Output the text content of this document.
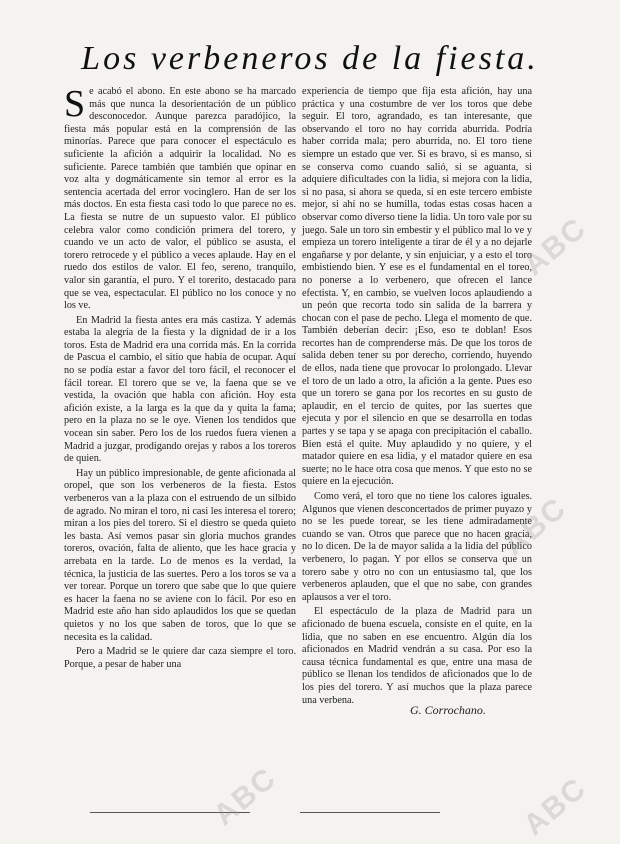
Los verbeneros de la fiesta.

Se acabó el abono. En este abono se ha marcado más que nunca la desorientación de un público desconocedor. Aunque parezca paradójico, la fiesta más popular está en la comprensión de las minorías. Parece que para conocer el espectáculo es suficiente la afición a adquirir la localidad. No es suficiente. Parece también que también que opinar en voz alta y dogmáticamente sin temor al error es la sentencia acertada del error vocinglero. Han de ser los más doctos. En esta fiesta casi todo lo que parece no es. La fiesta se nutre de un supuesto valor. El público celebra valor como condición primera del torero, y cuando ve un acto de valor, el público se asusta, el torero retrocede y el público a veces aplaude. Hay en el ruedo dos estilos de valor. El feo, sereno, tranquilo, valor sin garantía, el puro. Y el torerito, destacado para que se vea, espectacular. El público no los conoce y no los ve.

En Madrid la fiesta antes era más castiza. Y además estaba la alegría de la fiesta y la dignidad de ir a los toros. Esta de Madrid era una corrida más. En la corrida de Pascua el cambio, el sitio que había de ocupar. Aquí no se podía estar a favor del toro fácil, el reconocer el fácil torear. El torero que se ve, la faena que se ve vestida, la ovación que habla con afición. Hoy esta afición existe, a la larga es la que da y quita la fama; pero en la plaza no se le oye. Vienen los tendidos que vocean sin saber. Pero los de los ruedos fuera vienen a Madrid a juzgar, prodigando orejas y rabos a los toreros de quien.

Hay un público impresionable, de gente aficionada al oropel, que son los verbeneros de la fiesta. Estos verbeneros van a la plaza con el estruendo de un silbido de agrado. No miran el toro, ni casi les interesa el torero; miran a los pies del torero. Si el diestro se queda quieto les basta. Así vemos pasar sin gloria muchos grandes toreros, ovación, falta de aliento, que les hace gracia y arrebata en la tarde. Lo de menos es la verdad, la técnica, la justicia de las suertes. Pero a los toros se va a ver torear. Porque un torero que sabe que lo que quiere es hacer la faena no se aviene con lo fácil. Por eso en Madrid este año han sido aplaudidos los que se quedan quietos y no los que saben de toros, que lo que se necesita es la calidad.

Pero a Madrid se le quiere dar caza siempre el toro. Porque, a pesar de haber una

experiencia de tiempo que fija esta afición, hay una práctica y una costumbre de ver los toros que debe seguir. El toro, agrandado, es tan interesante, que observando el toro no hay corrida aburrida. Podría haber corrida mala; pero aburrida, no. El toro tiene siempre un estado que ver. Si es bravo, si es manso, si se conserva como cuando salió, si se aguanta, si adquiere dificultades con la lidia, si mejora con la lidia, si no pasa, si ahora se queda, si en este tercero embiste mejor, si ahí no se humilla, todas estas cosas hacen a observar como diverso tiene la lidia. Un toro vale por su juego. Sale un toro sin embestir y el público mal lo ve y empieza un torero inteligente a tirar de él y a no dejarle engañarse y por delante, y sin enjuiciar, y a esto el toro embistiendo bien. Y ese es el fundamental en el toreo, no ponerse a lo verbenero, que ofrecen el lance efectista. Y, en cambio, se vuelven locos aplaudiendo a un peón que recorta todo sin salida de la barrera y chocan con el pase de pecho. Llega el momento de que. También deberían decir: ¡Eso, eso te doblan! Esos recortes han de comprenderse más. De que los toros de salida deben tener su por derecho, corriendo, huyendo de ellos, nada tiene que provocar lo prolongado. Llevar el toro de un lado a otro, la afición a la gente. Pues eso que un torero se gana por los recortes en su gusto de aplaudir, en el tercio de quites, por las suertes que ejecuta y por el silencio en que se desarrolla en todas partes y se tapa y se apaga con precipitación el caballo. Bien está el quite. Muy aplaudido y no quiere, y el matador quiere en esa lidia, y el matador quiere en esa suerte; no le hace otra cosa que menos. Y que esto no se quiere en la ejecución.

Como verá, el toro que no tiene los calores iguales. Algunos que vienen desconcertados de primer puyazo y no se les puede torear, se les tiene admiradamente cuando se van. Otros que parece que no hacen gracia, no lo dicen. De la de mayor salida a la lidia del público verbenero, lo pagan. Y por ellos se conserva que un torero sabe y otro no con un entusiasmo tal, que los verbeneros aplauden, que el que no sabe, con grandes aplausos a ver el toro.

El espectáculo de la plaza de Madrid para un aficionado de buena escuela, consiste en el quite, en la lidia, que no saben en ese encuentro. Algún día los aficionados en Madrid vendrán a su casa. Por eso la causa técnica fundamental es que, entre una masa de público se llenan los tendidos de aficionados que lo de los pies del torero. Y así muchos que la plaza parece una verbena.

G. Corrochano.
ABC
ABC
ABC	ABC
